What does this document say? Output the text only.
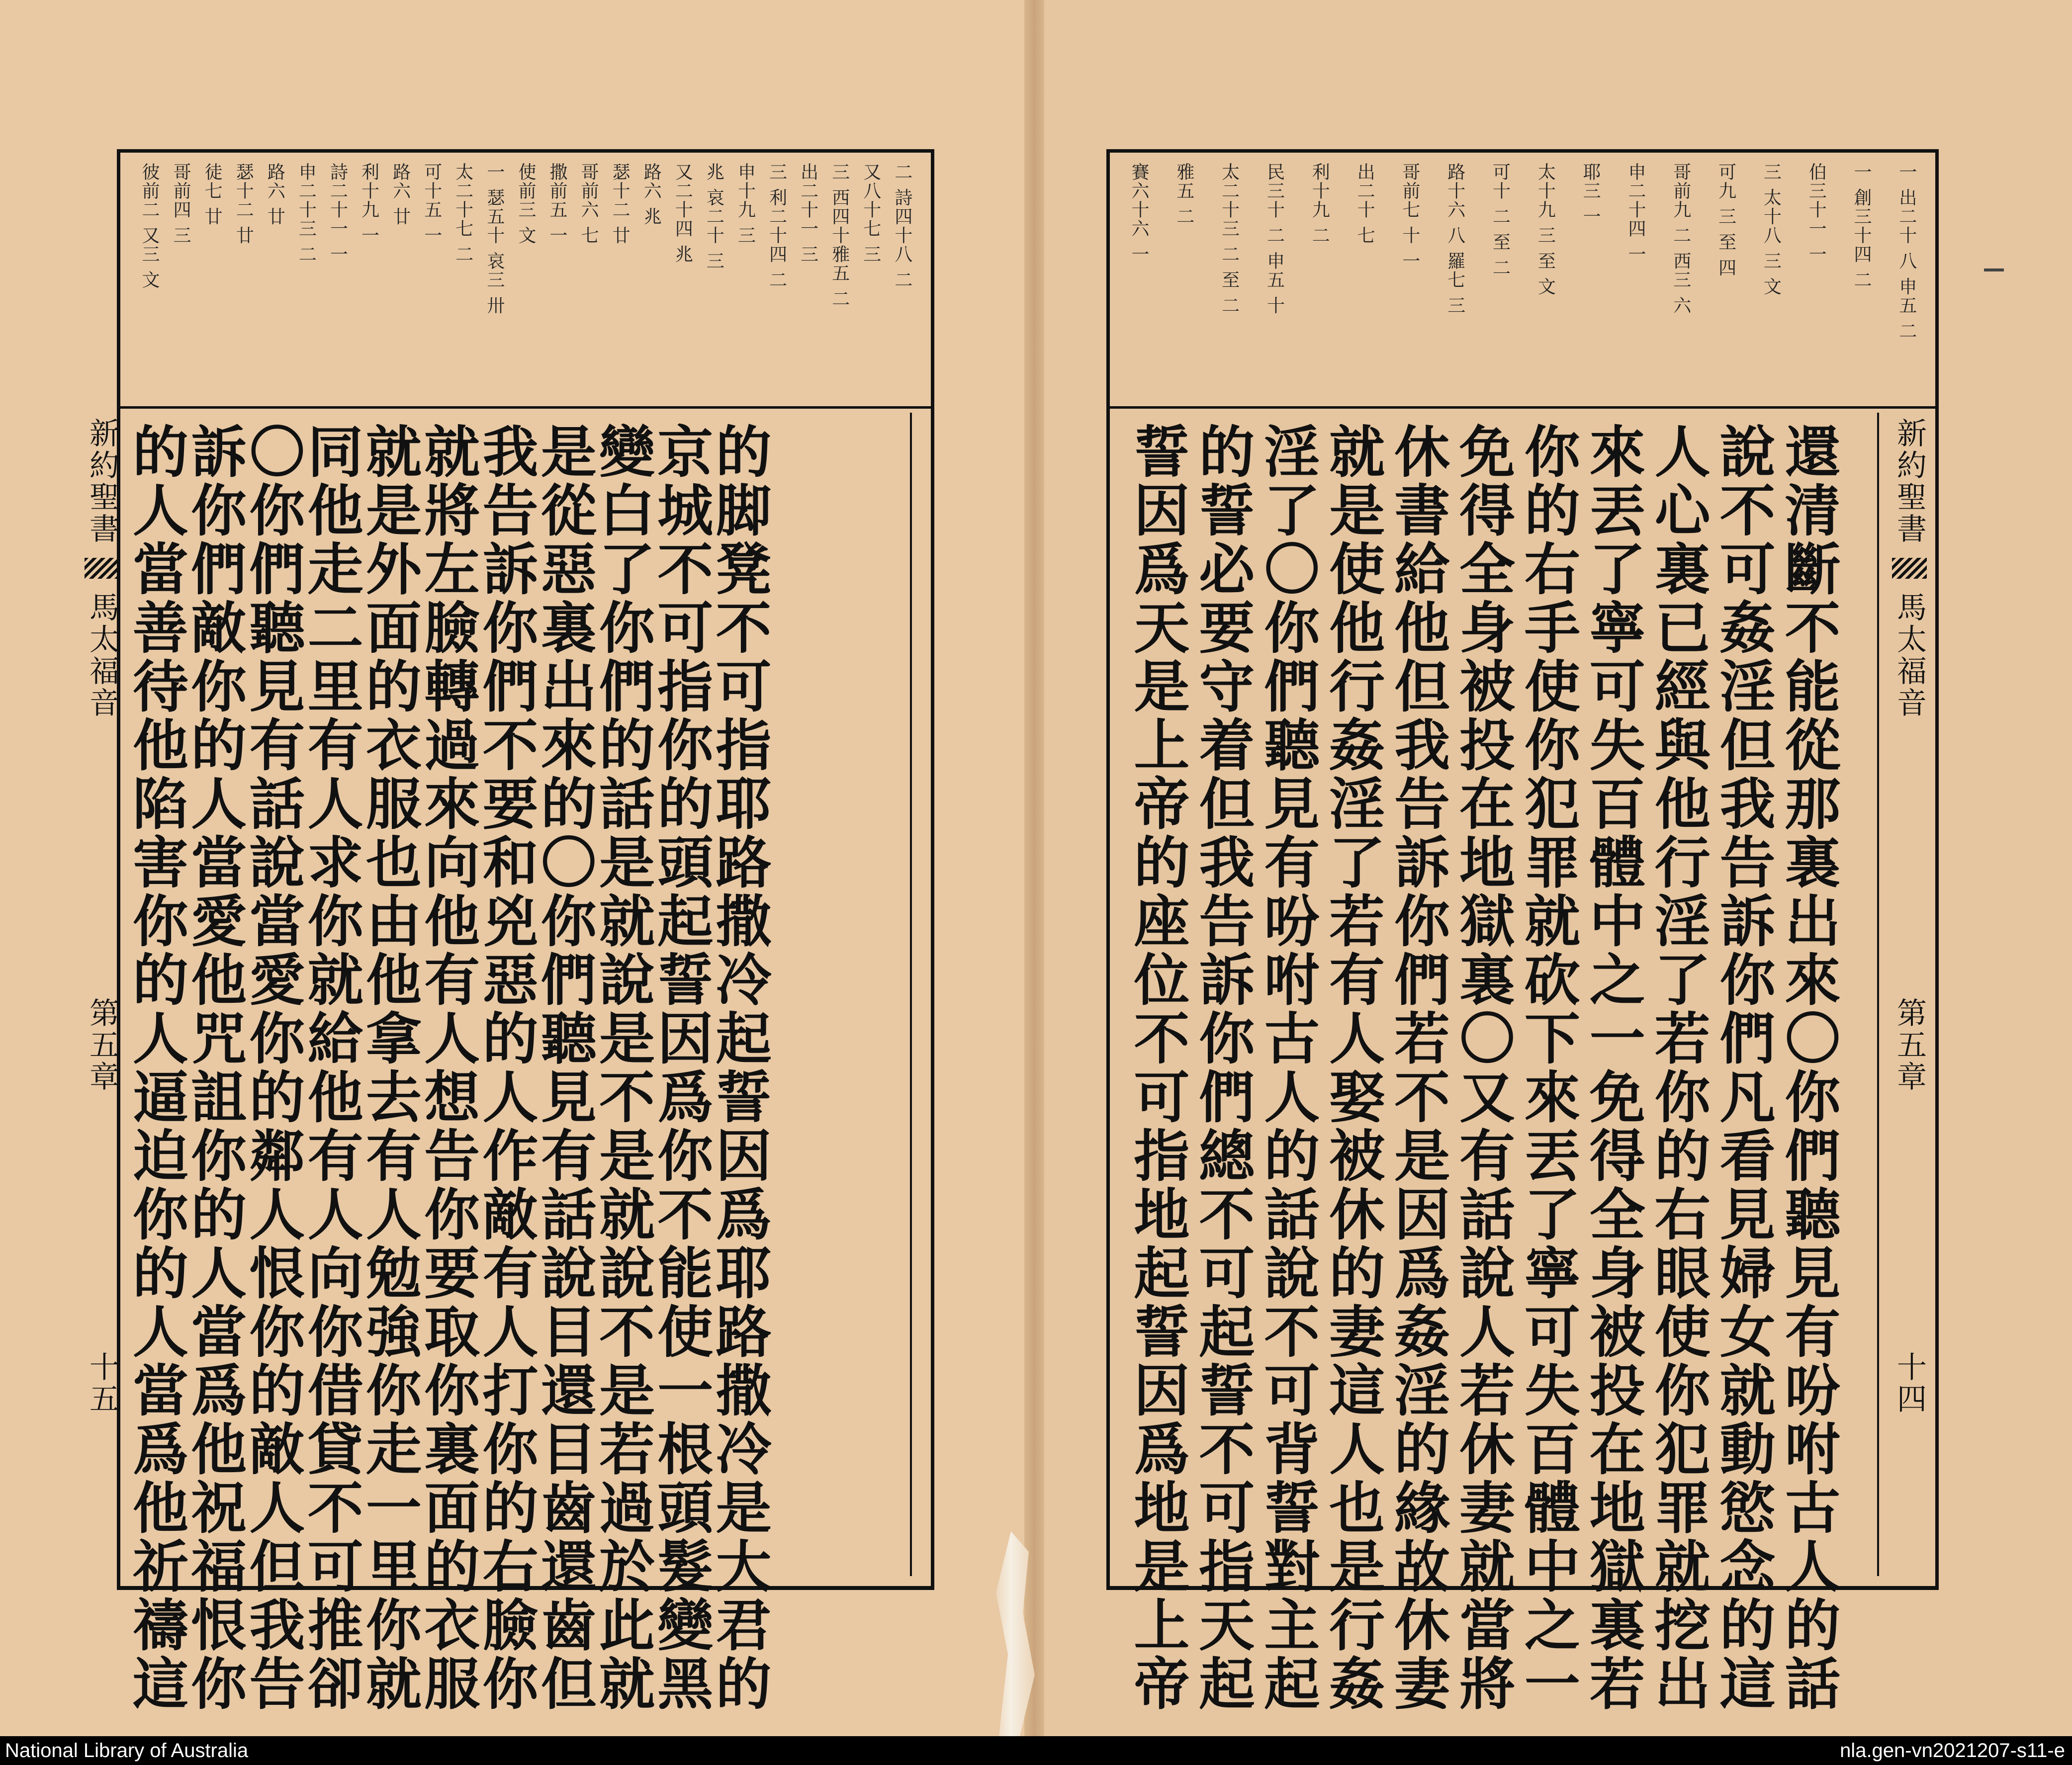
二 詩四十八 二
又八十七 三
三 西四十雅五 二
出二十一 三
三 利二十四 二
申十九 三
兆 哀二十 三
又二十四 兆
路六 兆
瑟十二 廿
哥前六 七
撒前五 一
使前三 文
一 瑟五十 哀三 卅
太二十七 二
可十五 一
路六 廿
利十九 一
詩二十一 一
申二十三 二
路六 廿
瑟十二 廿
徒七 廿
哥前四 三
彼前二 又三 文
的脚凳不可指耶路撒冷起誓因爲耶路撒冷是大君的
京城不可指你的頭起誓因爲你不能使一根頭髮變黑
變白了你們的話是就說是不是就說不是若過於此就
是從惡裏出來的〇你們聽見有話說目還目齒還齒但
我告訴你們不要和兇惡的人作敵有人打你的右臉你
就將左臉轉過來向他有人想告你要取你裏面的衣服
就是外面的衣服也由他拿去有人勉強你走一里你就
同他走二里有人求你就給他有人向你借貸不可推卻
〇你們聽見有話說當愛你的鄰人恨你的敵人但我告
訴你們敵你的人當愛他咒詛你的人當爲他祝福恨你
的人當善待他陷害你的人逼迫你的人當爲他祈禱這
新約聖書
馬太福音
第五章
十五
一 出二十 八 申五 二
一 創三十四 二
伯三十一 一
三 太十八 三 文
可九 三 至 四
哥前九 二 西三 六
申二十四 一
耶三 一
太十九 三 至 文
可十 二 至 二
路十六 八 羅七 三
哥前七 十 一
出二十 七
利十九 二
民三十 二 申五 十
太二十三 二 至 二
雅五 二
賽六十六 一
還清斷不能從那裏出來〇你們聽見有吩咐古人的話
說不可姦淫但我告訴你們凡看見婦女就動慾念的這
人心裏已經與他行淫了若你的右眼使你犯罪就挖出
來丟了寧可失百體中之一免得全身被投在地獄裏若
你的右手使你犯罪就砍下來丟了寧可失百體中之一
免得全身被投在地獄裏〇又有話說人若休妻就當將
休書給他但我告訴你們若不是因爲姦淫的緣故休妻
就是使他行姦淫了若有人娶被休的妻這人也是行姦
淫了〇你們聽見有吩咐古人的話說不可背誓對主起
的誓必要守着但我告訴你們總不可起誓不可指天起
誓因爲天是上帝的座位不可指地起誓因爲地是上帝	新約聖書
馬太福音
第五章
十四
National Library of Australia	nla.gen-vn2021207-s11-e
